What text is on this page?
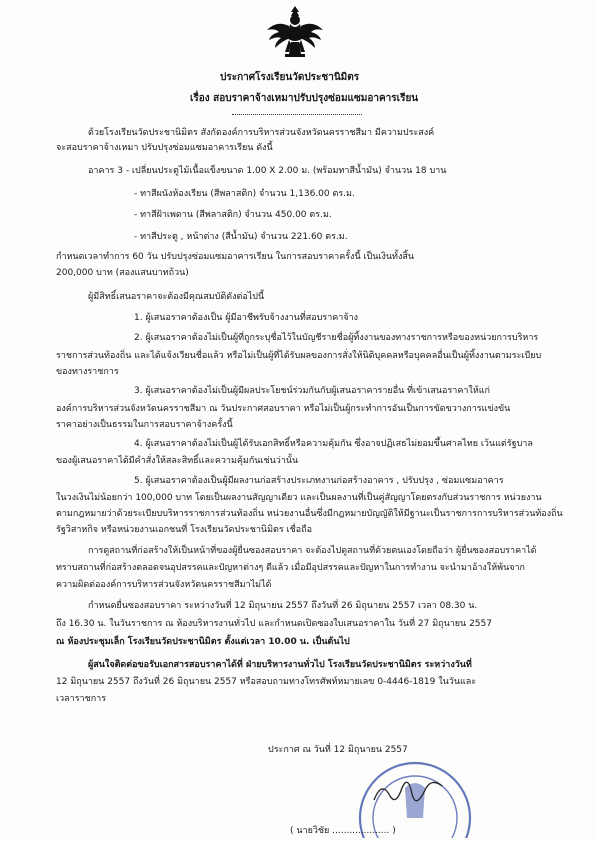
ประกาศโรงเรียนวัดประชานิมิตร
เรื่อง สอบราคาจ้างเหมาปรับปรุงซ่อมแซมอาคารเรียน
ด้วยโรงเรียนวัดประชานิมิตร สังกัดองค์การบริหารส่วนจังหวัดนครราชสีมา มีความประสงค์
จะสอบราคาจ้างเหมา ปรับปรุงซ่อมแซมอาคารเรียน ดังนี้
อาคาร 3 - เปลี่ยนประตูไม้เนื้อแข็งขนาด 1.00 X 2.00 ม. (พร้อมทาสีน้ำมัน) จำนวน 18 บาน
- ทาสีผนังห้องเรียน (สีพลาสติก) จำนวน 1,136.00 ตร.ม.
- ทาสีฝ้าเพดาน (สีพลาสติก) จำนวน 450.00 ตร.ม.
- ทาสีประตู , หน้าต่าง (สีน้ำมัน) จำนวน 221.60 ตร.ม.
กำหนดเวลาทำการ 60 วัน ปรับปรุงซ่อมแซมอาคารเรียน ในการสอบราคาครั้งนี้ เป็นเงินทั้งสิ้น
200,000 บาท (สองแสนบาทถ้วน)
ผู้มีสิทธิ์เสนอราคาจะต้องมีคุณสมบัติดังต่อไปนี้
1. ผู้เสนอราคาต้องเป็น ผู้มีอาชีพรับจ้างงานที่สอบราคาจ้าง
2. ผู้เสนอราคาต้องไม่เป็นผู้ที่ถูกระบุชื่อไว้ในบัญชีรายชื่อผู้ทิ้งงานของทางราชการหรือของหน่วยการบริหาร
ราชการส่วนท้องถิ่น และได้แจ้งเวียนชื่อแล้ว หรือไม่เป็นผู้ที่ได้รับผลของการสั่งให้นิติบุคคลหรือบุคคลอื่นเป็นผู้ทิ้งงานตามระเบียบ
ของทางราชการ
3. ผู้เสนอราคาต้องไม่เป็นผู้มีผลประโยชน์ร่วมกันกับผู้เสนอราคารายอื่น ที่เข้าเสนอราคาให้แก่
องค์การบริหารส่วนจังหวัดนครราชสีมา ณ วันประกาศสอบราคา หรือไม่เป็นผู้กระทำการอันเป็นการขัดขวางการแข่งขัน
ราคาอย่างเป็นธรรมในการสอบราคาจ้างครั้งนี้
4. ผู้เสนอราคาต้องไม่เป็นผู้ได้รับเอกสิทธิ์หรือความคุ้มกัน ซึ่งอาจปฏิเสธไม่ยอมขึ้นศาลไทย เว้นแต่รัฐบาล
ของผู้เสนอราคาได้มีคำสั่งให้สละสิทธิ์และความคุ้มกันเช่นว่านั้น
5. ผู้เสนอราคาต้องเป็นผู้มีผลงานก่อสร้างประเภทงานก่อสร้างอาคาร , ปรับปรุง , ซ่อมแซมอาคาร
ในวงเงินไม่น้อยกว่า 100,000 บาท โดยเป็นผลงานสัญญาเดียว และเป็นผลงานที่เป็นคู่สัญญาโดยตรงกับส่วนราชการ หน่วยงาน
ตามกฎหมายว่าด้วยระเบียบบริหารราชการส่วนท้องถิ่น หน่วยงานอื่นซึ่งมีกฎหมายบัญญัติให้มีฐานะเป็นราชการการบริหารส่วนท้องถิ่น
รัฐวิสาหกิจ หรือหน่วยงานเอกชนที่ โรงเรียนวัดประชานิมิตร เชื่อถือ
การดูสถานที่ก่อสร้างให้เป็นหน้าที่ของผู้ยื่นซองสอบราคา จะต้องไปดูสถานที่ด้วยตนเองโดยถือว่า ผู้ยื่นซองสอบราคาได้
ทราบสถานที่ก่อสร้างตลอดจนอุปสรรคและปัญหาต่างๆ ดีแล้ว เมื่อมีอุปสรรคและปัญหาในการทำงาน จะนำมาอ้างให้พ้นจาก
ความผิดต่อองค์การบริหารส่วนจังหวัดนครราชสีมาไม่ได้
กำหนดยื่นซองสอบราคา ระหว่างวันที่ 12 มิถุนายน 2557 ถึงวันที่ 26 มิถุนายน 2557 เวลา 08.30 น.
ถึง 16.30 น. ในวันราชการ ณ ห้องบริหารงานทั่วไป และกำหนดเปิดซองใบเสนอราคาใน วันที่ 27 มิถุนายน 2557
ณ ห้องประชุมเล็ก โรงเรียนวัดประชานิมิตร ตั้งแต่เวลา 10.00 น. เป็นต้นไป
ผู้สนใจติดต่อขอรับเอกสารสอบราคาได้ที่ ฝ่ายบริหารงานทั่วไป โรงเรียนวัดประชานิมิตร ระหว่างวันที่
12 มิถุนายน 2557 ถึงวันที่ 26 มิถุนายน 2557 หรือสอบถามทางโทรศัพท์หมายเลข 0-4446-1819 ในวันและ
เวลาราชการ
ประกาศ ณ วันที่ 12 มิถุนายน 2557
( นายวิชัย .................... )
